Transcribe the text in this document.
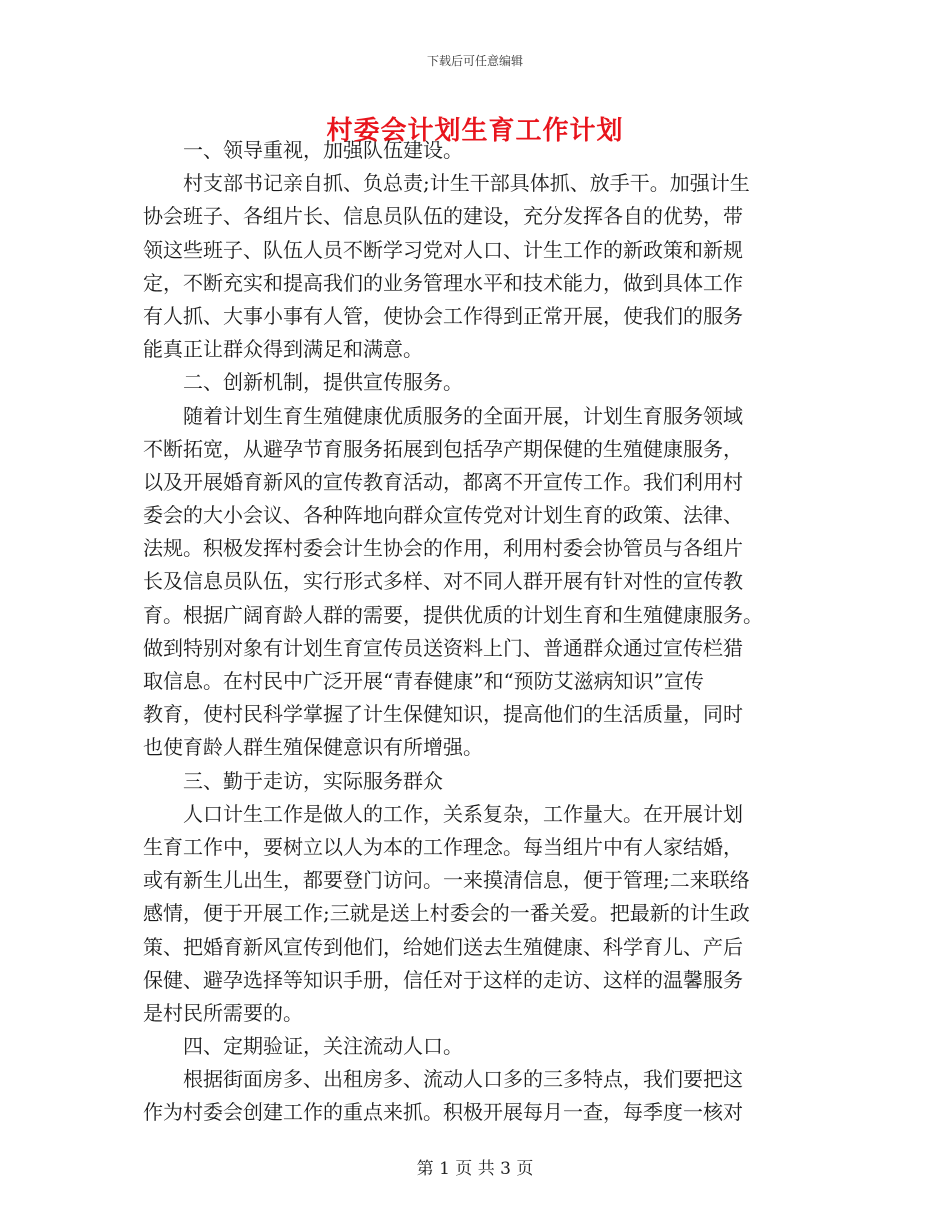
下载后可任意编辑
　　一、领导重视，加强队伍建设。
　　村支部书记亲自抓、负总责;计生干部具体抓、放手干。加强计生
协会班子、各组片长、信息员队伍的建设，充分发挥各自的优势，带
领这些班子、队伍人员不断学习党对人口、计生工作的新政策和新规
定，不断充实和提高我们的业务管理水平和技术能力，做到具体工作
有人抓、大事小事有人管，使协会工作得到正常开展，使我们的服务
能真正让群众得到满足和满意。
　　二、创新机制，提供宣传服务。
　　随着计划生育生殖健康优质服务的全面开展，计划生育服务领域
不断拓宽，从避孕节育服务拓展到包括孕产期保健的生殖健康服务，
以及开展婚育新风的宣传教育活动，都离不开宣传工作。我们利用村
委会的大小会议、各种阵地向群众宣传党对计划生育的政策、法律、
法规。积极发挥村委会计生协会的作用，利用村委会协管员与各组片
长及信息员队伍，实行形式多样、对不同人群开展有针对性的宣传教
育。根据广阔育龄人群的需要，提供优质的计划生育和生殖健康服务。
做到特别对象有计划生育宣传员送资料上门、普通群众通过宣传栏猎
取信息。在村民中广泛开展“青春健康”和“预防艾滋病知识”宣传
教育，使村民科学掌握了计生保健知识，提高他们的生活质量，同时
也使育龄人群生殖保健意识有所增强。
　　三、勤于走访，实际服务群众
　　人口计生工作是做人的工作，关系复杂，工作量大。在开展计划
生育工作中，要树立以人为本的工作理念。每当组片中有人家结婚，
或有新生儿出生，都要登门访问。一来摸清信息，便于管理;二来联络
感情，便于开展工作;三就是送上村委会的一番关爱。把最新的计生政
策、把婚育新风宣传到他们，给她们送去生殖健康、科学育儿、产后
保健、避孕选择等知识手册，信任对于这样的走访、这样的温馨服务
是村民所需要的。
　　四、定期验证，关注流动人口。
　　根据街面房多、出租房多、流动人口多的三多特点，我们要把这
作为村委会创建工作的重点来抓。积极开展每月一查，每季度一核对
村委会计划生育工作计划
第 1 页 共 3 页
